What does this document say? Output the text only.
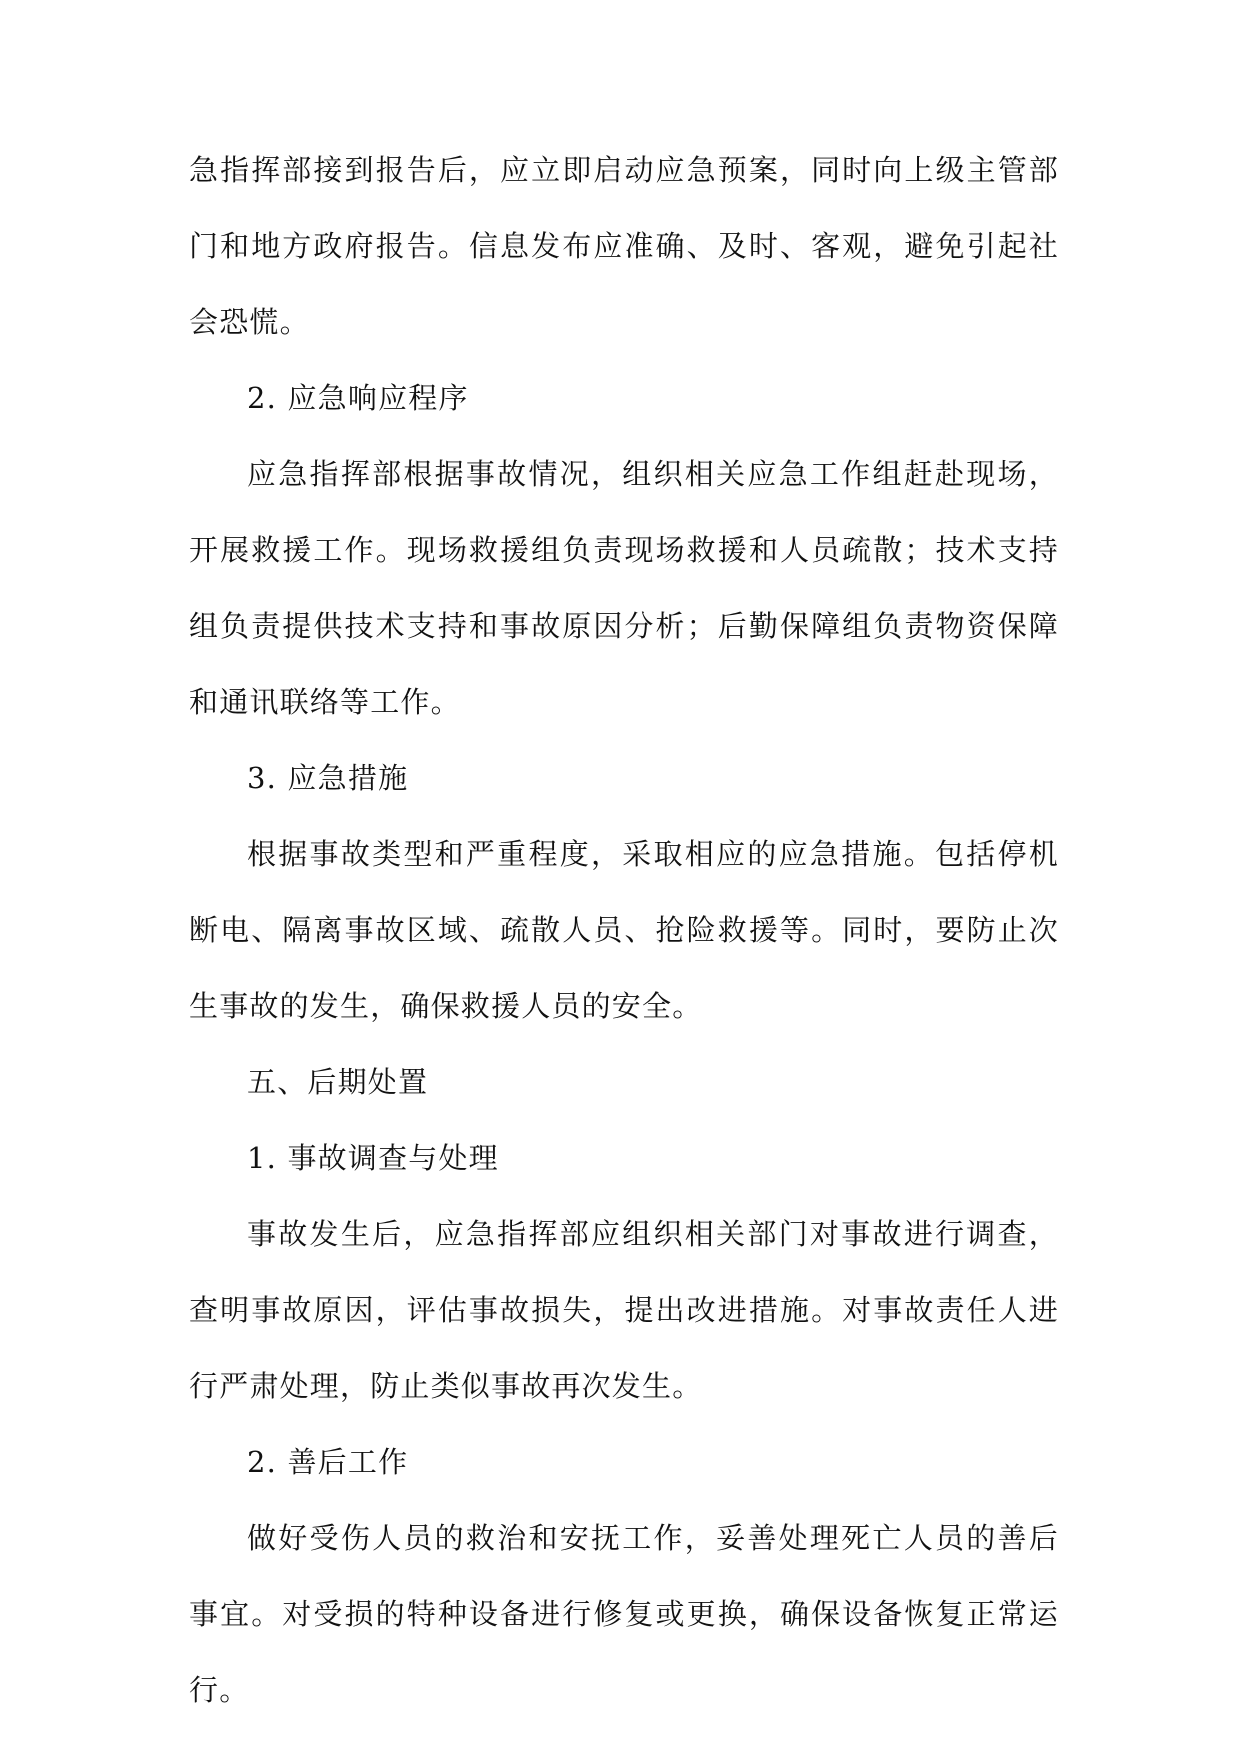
急指挥部接到报告后，应立即启动应急预案，同时向上级主管部门和地方政府报告。信息发布应准确、及时、客观，避免引起社会恐慌。

2. 应急响应程序

应急指挥部根据事故情况，组织相关应急工作组赶赴现场，开展救援工作。现场救援组负责现场救援和人员疏散；技术支持组负责提供技术支持和事故原因分析；后勤保障组负责物资保障和通讯联络等工作。

3. 应急措施

根据事故类型和严重程度，采取相应的应急措施。包括停机断电、隔离事故区域、疏散人员、抢险救援等。同时，要防止次生事故的发生，确保救援人员的安全。

五、后期处置

1. 事故调查与处理

事故发生后，应急指挥部应组织相关部门对事故进行调查，查明事故原因，评估事故损失，提出改进措施。对事故责任人进行严肃处理，防止类似事故再次发生。

2. 善后工作

做好受伤人员的救治和安抚工作，妥善处理死亡人员的善后事宜。对受损的特种设备进行修复或更换，确保设备恢复正常运行。
